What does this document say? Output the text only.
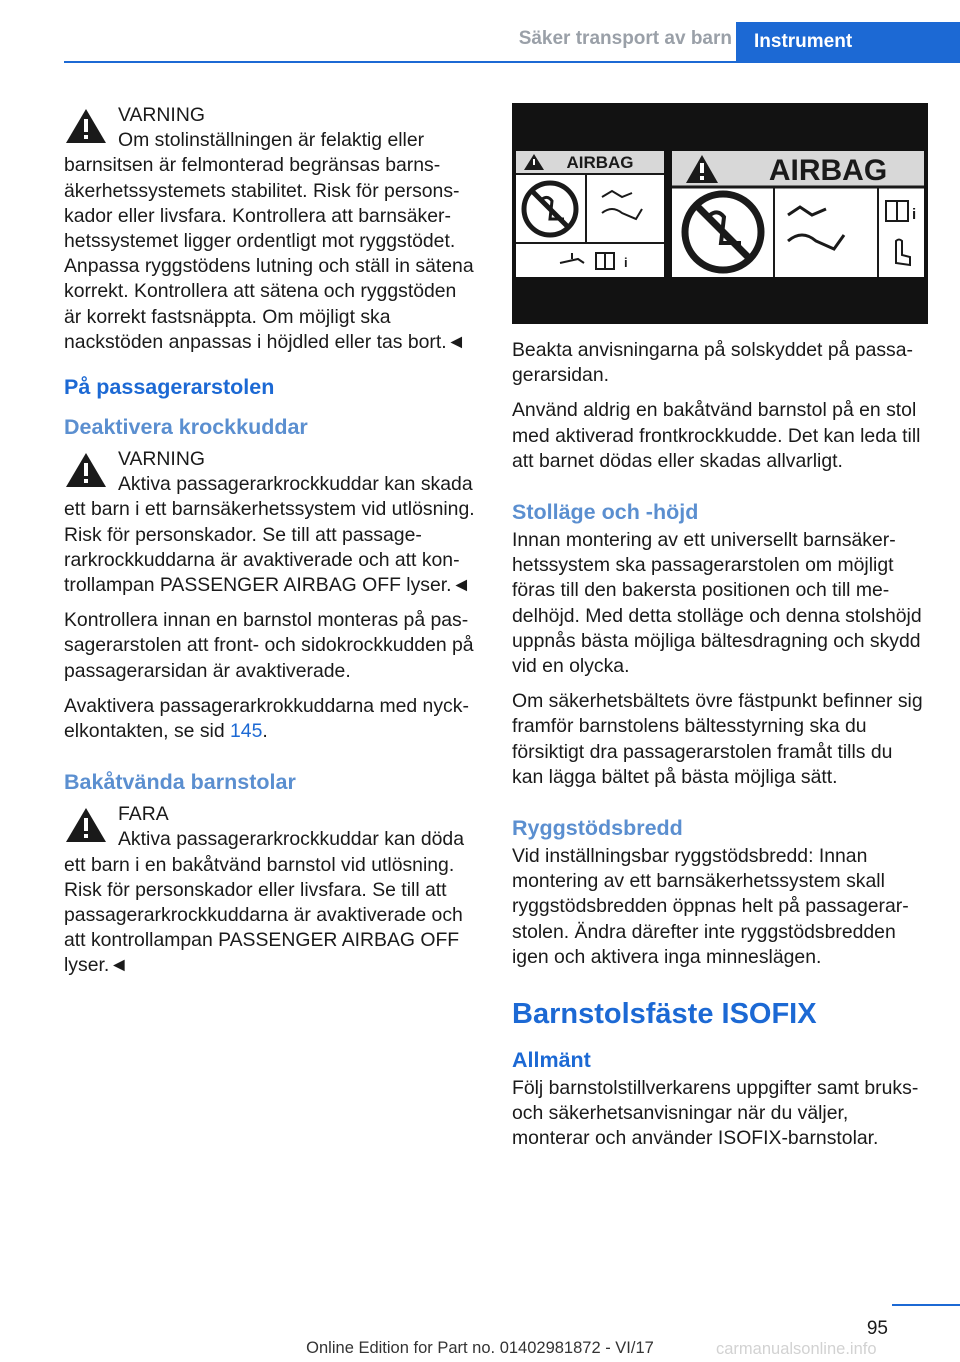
Säker transport av barn	Instrument
VARNING
Om stolinställningen är felaktig eller barnsitsen är felmonterad begränsas barnsäkerhetssystemets stabilitet. Risk för personskador eller livsfara. Kontrollera att barnsäkerhetssystemet ligger ordentligt mot ryggstödet. Anpassa ryggstödens lutning och ställ in sätena korrekt. Kontrollera att sätena och ryggstöden är korrekt fastsnäppta. Om möjligt ska nackstöden anpassas i höjdled eller tas bort.◄
På passagerarstolen
Deaktivera krockkuddar
VARNING
Aktiva passagerarkrockkuddar kan skada ett barn i ett barnsäkerhetssystem vid utlösning. Risk för personskador. Se till att passagerarkrockkuddarna är avaktiverade och att kontrollampan PASSENGER AIRBAG OFF lyser.◄

Kontrollera innan en barnstol monteras på passagerarstolen att front- och sidokrockkudden på passagerarsidan är avaktiverade.

Avaktivera passagerarkrokkuddarna med nyckelkontakten, se sid 145.

Bakåtvända barnstolar
FARA
Aktiva passagerarkrockkuddar kan döda ett barn i en bakåtvänd barnstol vid utlösning. Risk för personskador eller livsfara. Se till att passagerarkrockkuddarna är avaktiverade och att kontrollampan PASSENGER AIRBAG OFF lyser.◄
AIRBAG
i
AIRBAG
i

Beakta anvisningarna på solskyddet på passagerarsidan.

Använd aldrig en bakåtvänd barnstol på en stol med aktiverad frontkrockkudde. Det kan leda till att barnet dödas eller skadas allvarligt.

Stolläge och -höjd

Innan montering av ett universellt barnsäkerhetssystem ska passagerarstolen om möjligt föras till den bakersta positionen och till medelhöjd. Med detta stolläge och denna stolshöjd uppnås bästa möjliga bältesdragning och skydd vid en olycka.

Om säkerhetsbältets övre fästpunkt befinner sig framför barnstolens bältesstyrning ska du försiktigt dra passagerarstolen framåt tills du kan lägga bältet på bästa möjliga sätt.

Ryggstödsbredd

Vid inställningsbar ryggstödsbredd: Innan montering av ett barnsäkerhetssystem skall ryggstödsbredden öppnas helt på passagerarstolen. Ändra därefter inte ryggstödsbredden igen och aktivera inga minneslägen.

Barnstolsfäste ISOFIX
Allmänt

Följ barnstolstillverkarens uppgifter samt bruks- och säkerhetsanvisningar när du väljer, monterar och använder ISOFIX-barnstolar.

95
Online Edition for Part no. 01402981872 - VI/17	carmanualsonline.info
